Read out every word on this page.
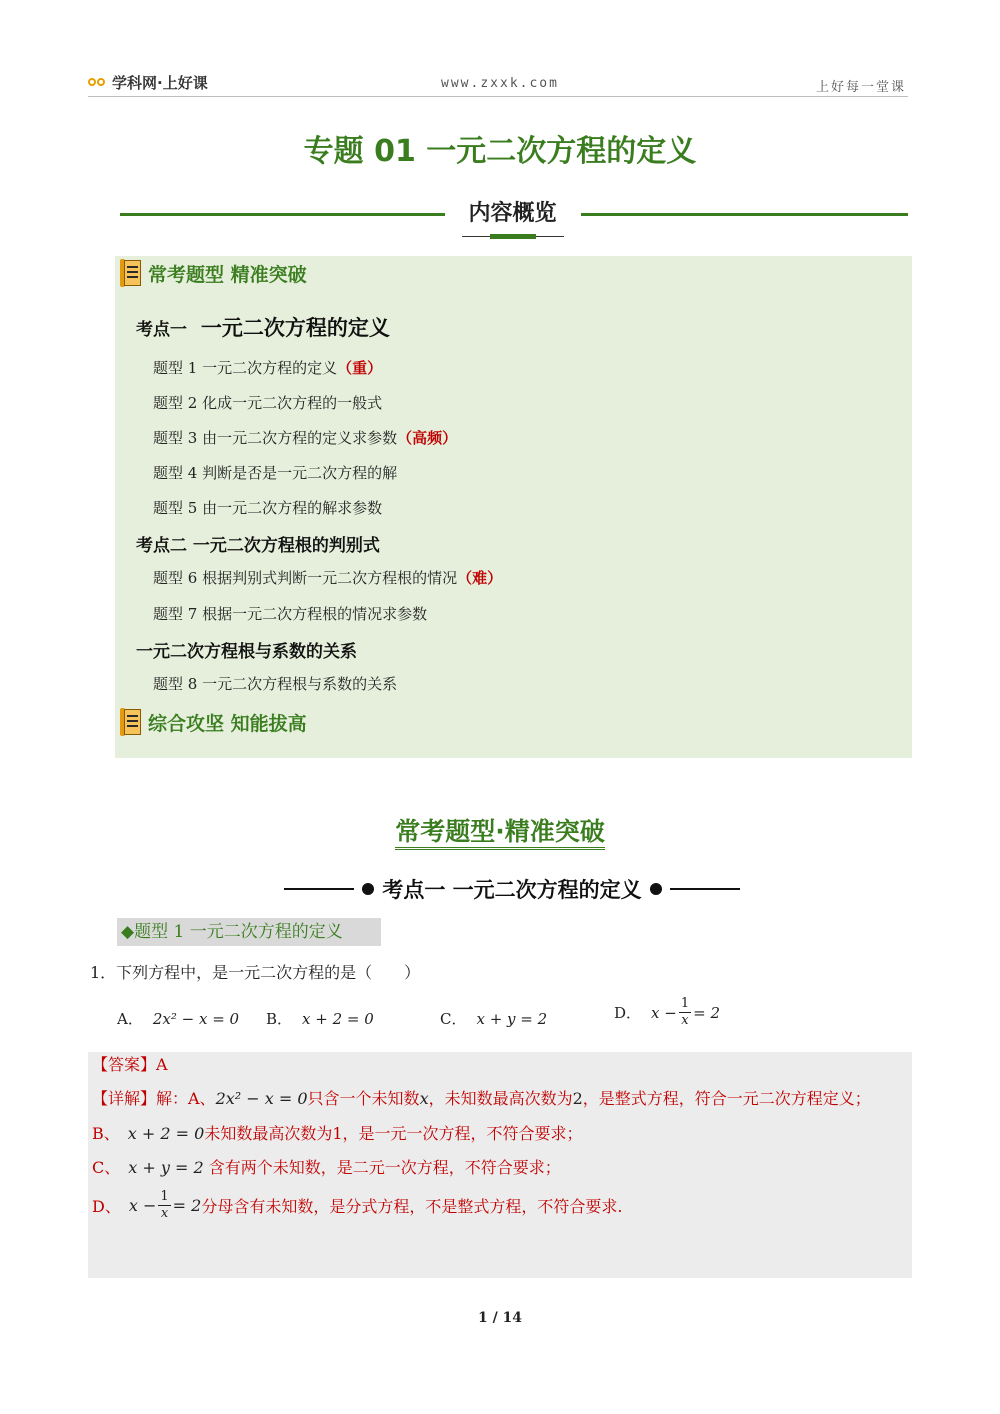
学科网·上好课	www.zxxk.com	上好每一堂课
专题 01 一元二次方程的定义
内容概览
常考题型 精准突破
考点一 一元二次方程的定义
题型 1 一元二次方程的定义（重）
题型 2 化成一元二次方程的一般式
题型 3 由一元二次方程的定义求参数（高频）
题型 4 判断是否是一元二次方程的解
题型 5 由一元二次方程的解求参数
考点二 一元二次方程根的判别式
题型 6 根据判别式判断一元二次方程根的情况（难）
题型 7 根据一元二次方程根的情况求参数
一元二次方程根与系数的关系
题型 8 一元二次方程根与系数的关系
综合攻坚 知能拔高
常考题型·精准突破
考点一 一元二次方程的定义
◆题型 1 一元二次方程的定义
1．下列方程中，是一元二次方程的是（　　）
A． 2x² − x = 0 B． x + 2 = 0	C． x + y = 2	D． $x - \frac{1}{x} = 2$
【答案】A
【详解】解：A、2x² − x = 0只含一个未知数x，未知数最高次数为2，是整式方程，符合一元二次方程定义；
B、 x + 2 = 0未知数最高次数为1，是一元一次方程，不符合要求；
C、 x + y = 2 含有两个未知数，是二元一次方程，不符合要求；
D、 $x - \frac{1}{x} = 2$ 分母含有未知数，是分式方程，不是整式方程，不符合要求.
1 / 14
